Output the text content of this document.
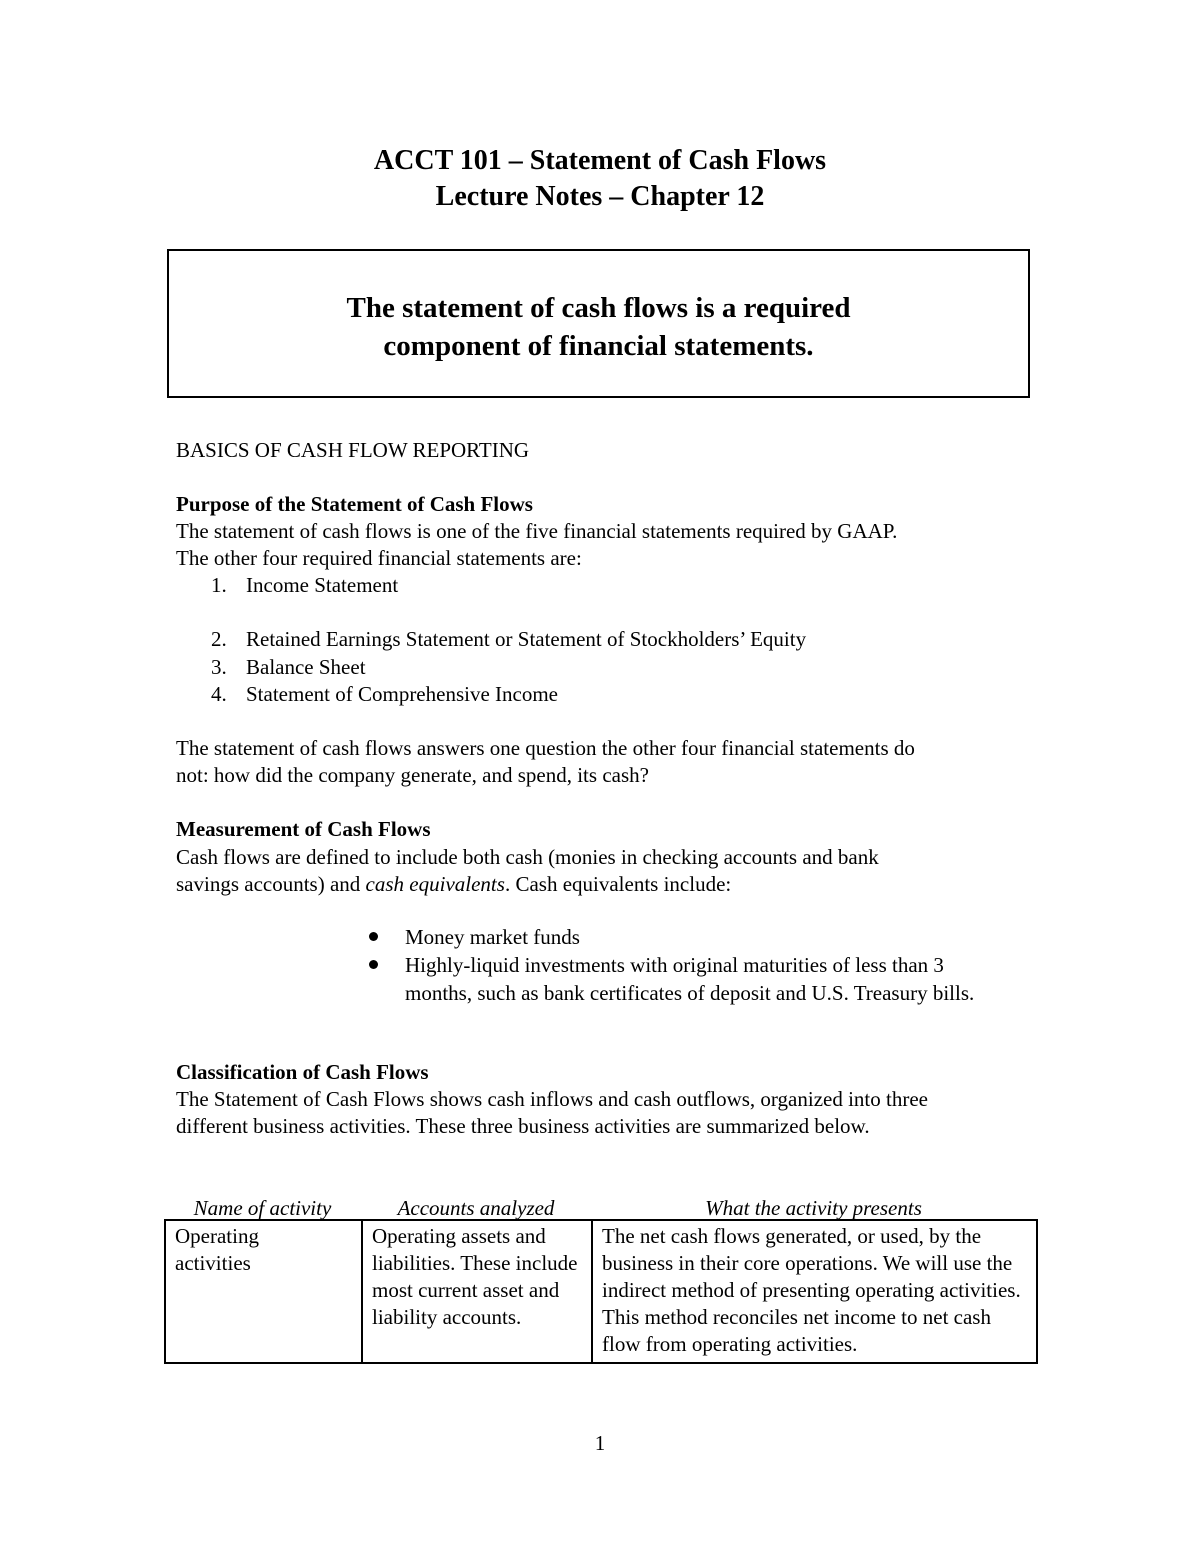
ACCT 101 – Statement of Cash Flows
Lecture Notes – Chapter 12
The statement of cash flows is a required component of financial statements.
BASICS OF CASH FLOW REPORTING
Purpose of the Statement of Cash Flows
The statement of cash flows is one of the five financial statements required by GAAP.
The other four required financial statements are:
1. Income Statement
2. Retained Earnings Statement or Statement of Stockholders’ Equity
3. Balance Sheet
4. Statement of Comprehensive Income
The statement of cash flows answers one question the other four financial statements do
not: how did the company generate, and spend, its cash?
Measurement of Cash Flows
Cash flows are defined to include both cash (monies in checking accounts and bank
savings accounts) and cash equivalents. Cash equivalents include:
Money market funds
Highly-liquid investments with original maturities of less than 3 months, such as bank certificates of deposit and U.S. Treasury bills.
Classification of Cash Flows
The Statement of Cash Flows shows cash inflows and cash outflows, organized into three
different business activities. These three business activities are summarized below.
Name of activity	Accounts analyzed	What the activity presents
Operating activities	Operating assets and liabilities. These include most current asset and liability accounts.	The net cash flows generated, or used, by the business in their core operations. We will use the indirect method of presenting operating activities. This method reconciles net income to net cash flow from operating activities.
1
